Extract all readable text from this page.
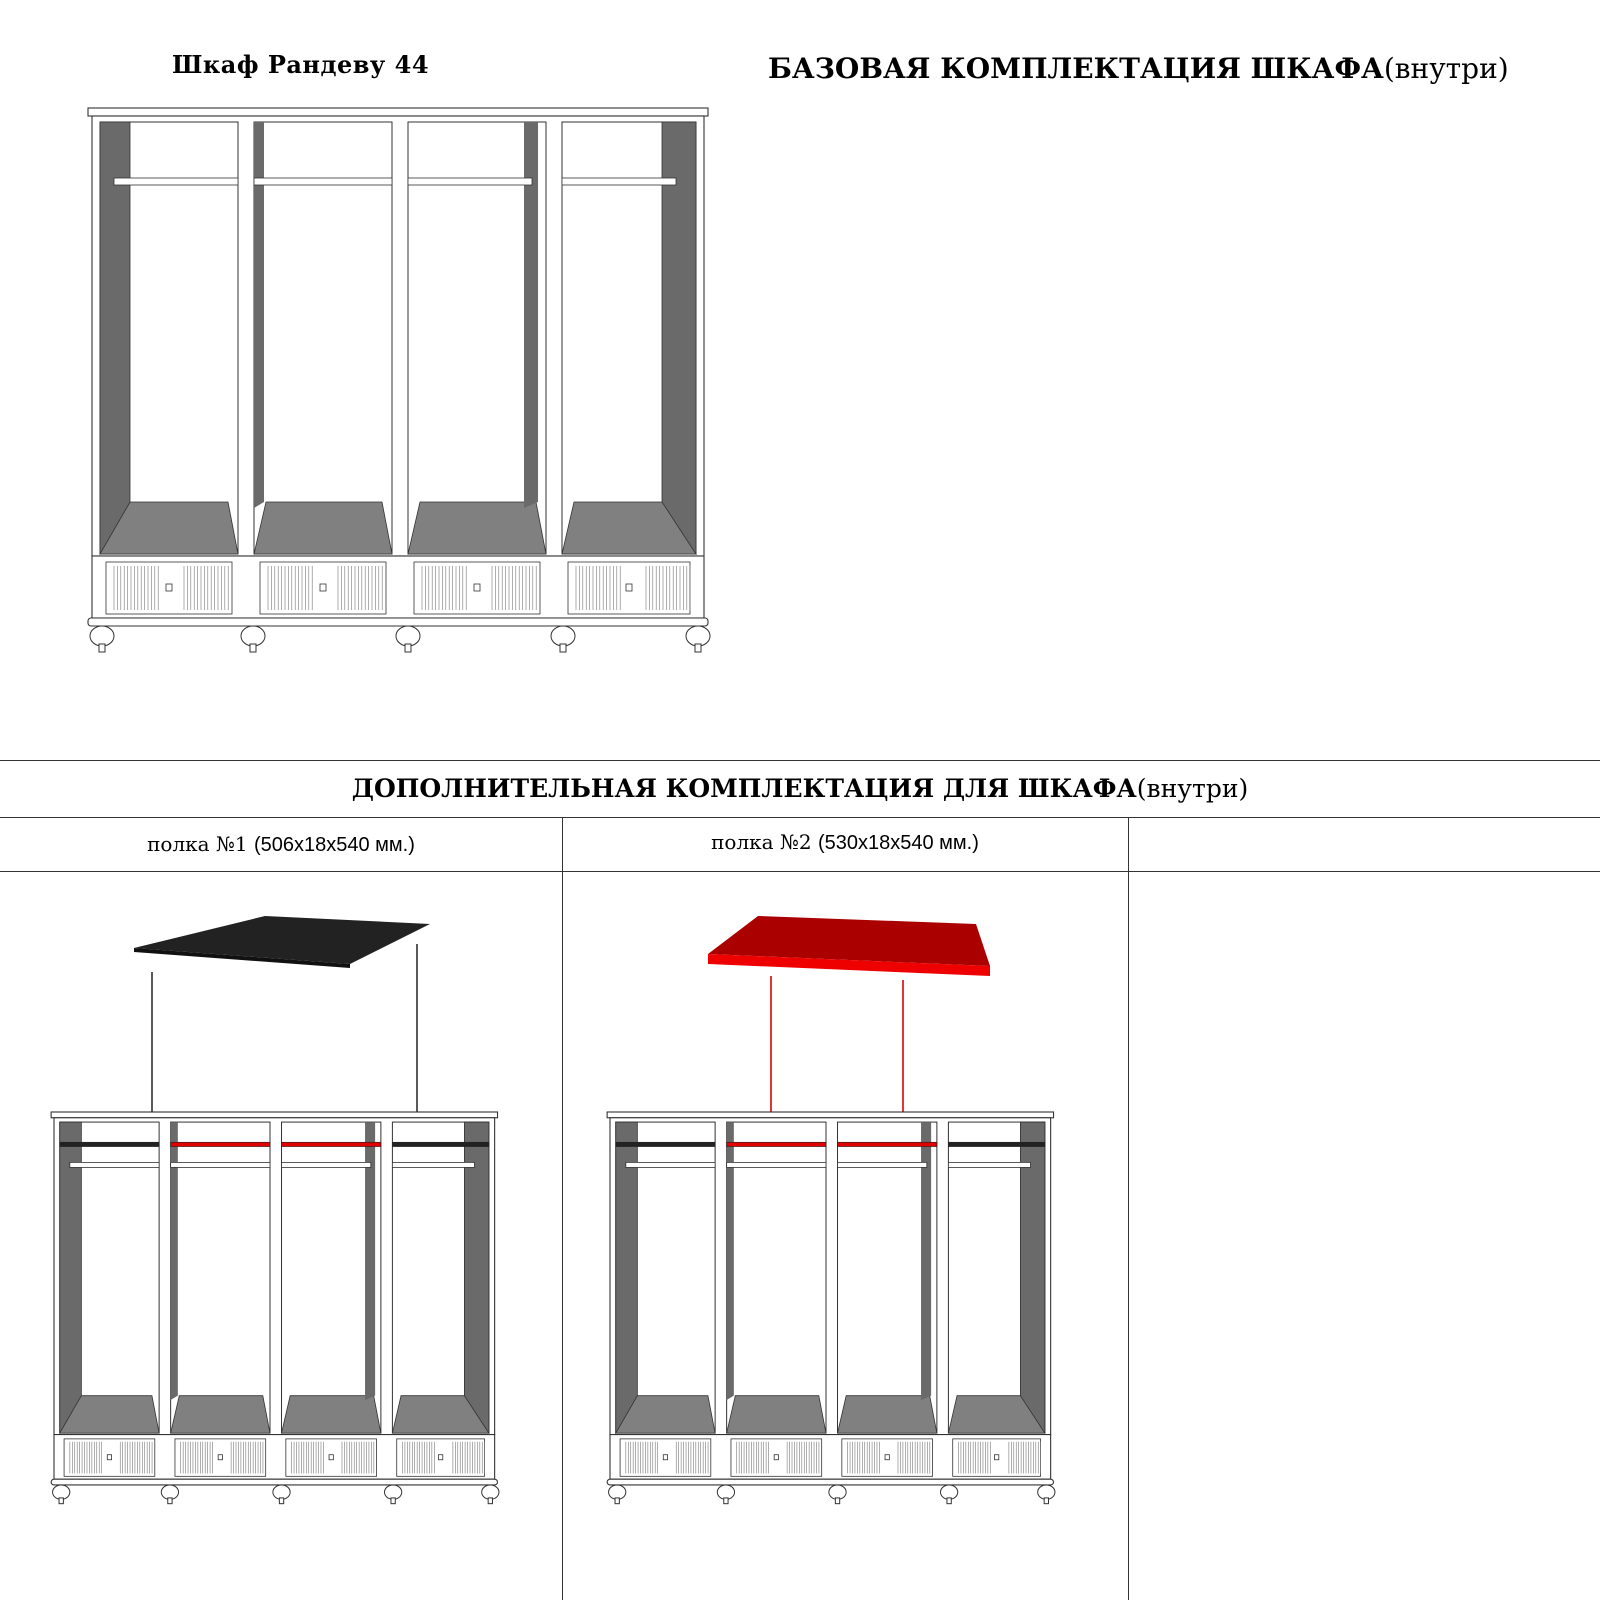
Шкаф Рандеву 44	БАЗОВАЯ КОМПЛЕКТАЦИЯ ШКАФА(внутри)
ДОПОЛНИТЕЛЬНАЯ КОМПЛЕКТАЦИЯ ДЛЯ ШКАФА(внутри)
полка №1 (506x18x540 мм.)	полка №2 (530x18x540 мм.)
